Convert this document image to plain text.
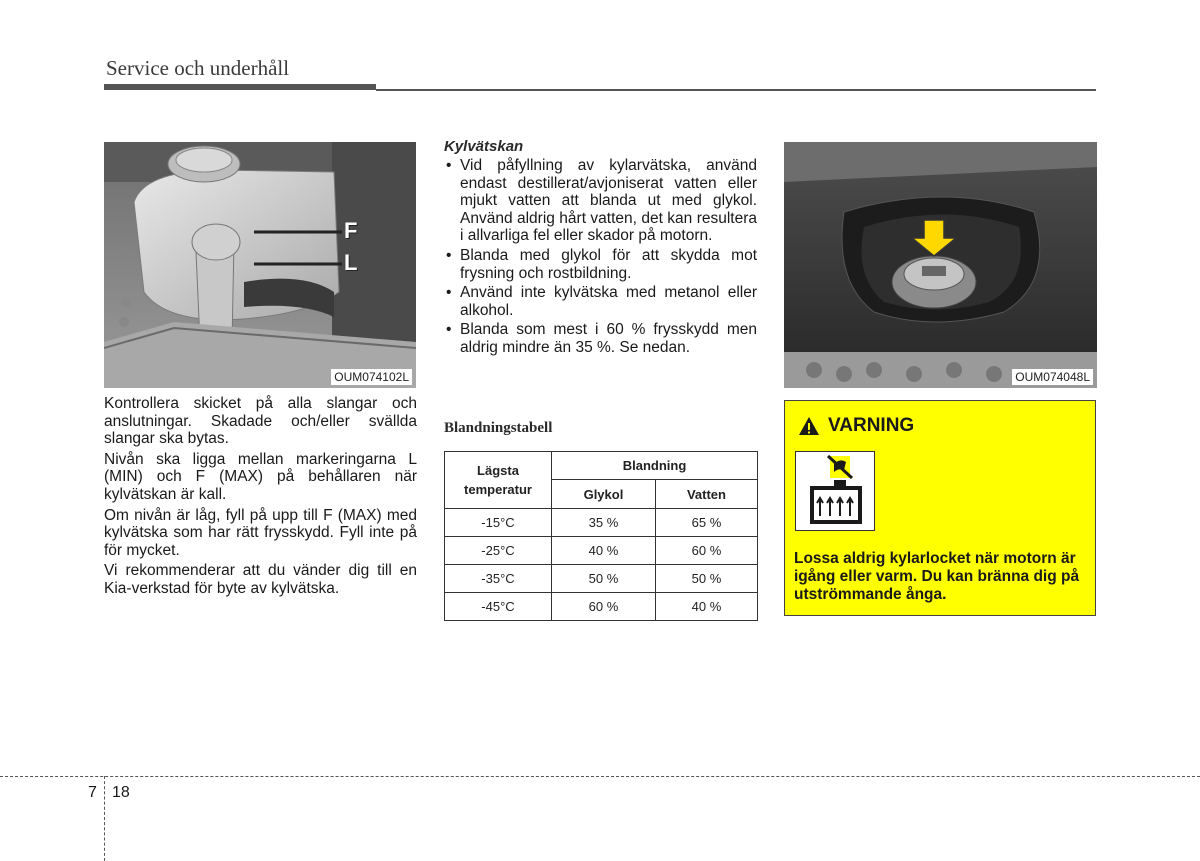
Service och underhåll
F
L
OUM074102L

Kontrollera skicket på alla slangar och anslutningar. Skadade och/eller svällda slangar ska bytas.

Nivån ska ligga mellan markeringarna L (MIN) och F (MAX) på behållaren när kylvätskan är kall.

Om nivån är låg, fyll på upp till F (MAX) med kylvätska som har rätt frysskydd. Fyll inte på för mycket.

Vi rekommenderar att du vänder dig till en Kia-verkstad för byte av kylvätska.

Kylvätskan
• Vid påfyllning av kylarvätska, använd endast destillerat/avjoniserat vatten eller mjukt vatten att blanda ut med glykol. Använd aldrig hårt vatten, det kan resultera i allvarliga fel eller skador på motorn.
• Blanda med glykol för att skydda mot frysning och rostbildning.
• Använd inte kylvätska med metanol eller alkohol.
• Blanda som mest i 60 % frysskydd men aldrig mindre än 35 %. Se nedan.
Blandningstabell
Lägsta temperatur	Blandning	
	Glykol	Vatten
-15°C	35 %	65 %
-25°C	40 %	60 %
-35°C	50 %	50 %
-45°C	60 %	40 %
OUM074048L
VARNING
Lossa aldrig kylarlocket när motorn är igång eller varm. Du kan bränna dig på utströmmande ånga.
7 18
